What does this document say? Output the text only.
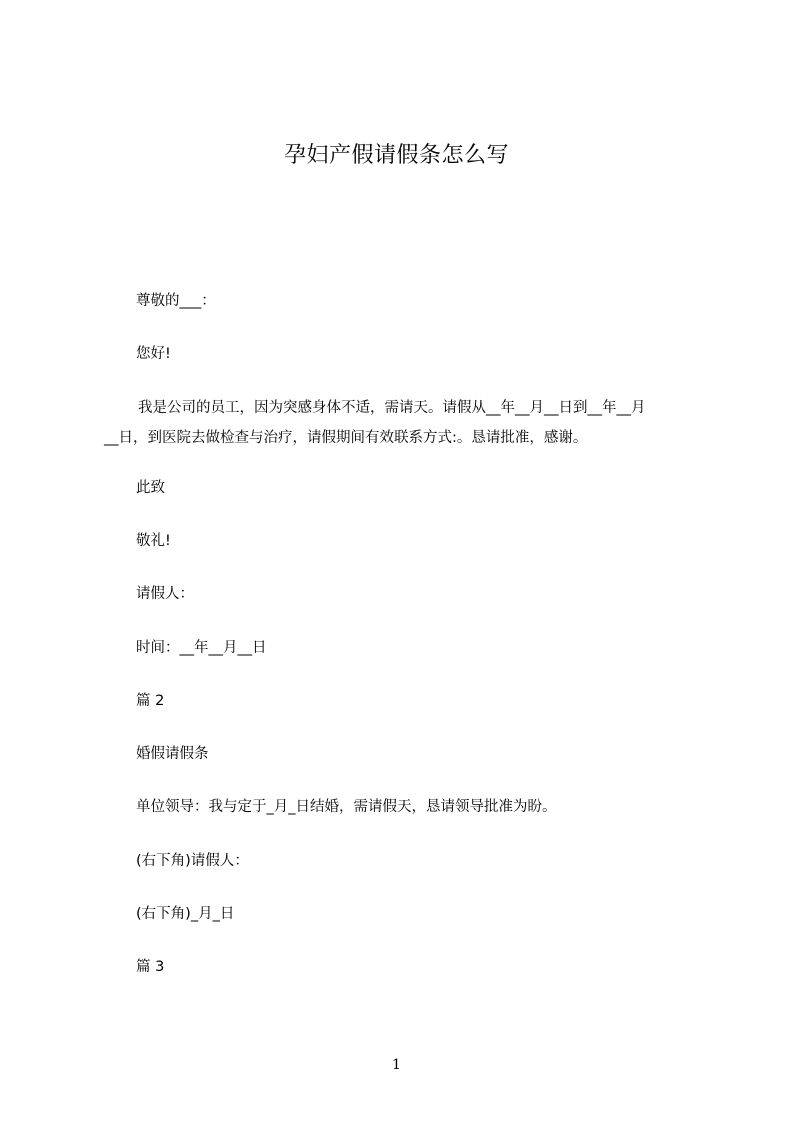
孕妇产假请假条怎么写
尊敬的___：
您好!
我是公司的员工，因为突感身体不适，需请天。请假从__年__月__日到__年__月
__日，到医院去做检查与治疗，请假期间有效联系方式:。恳请批准，感谢。
此致
敬礼!
请假人：
时间：__年__月__日
篇 2
婚假请假条
单位领导：我与定于_月_日结婚，需请假天，恳请领导批准为盼。
(右下角)请假人：
(右下角)_月_日
篇 3
1
